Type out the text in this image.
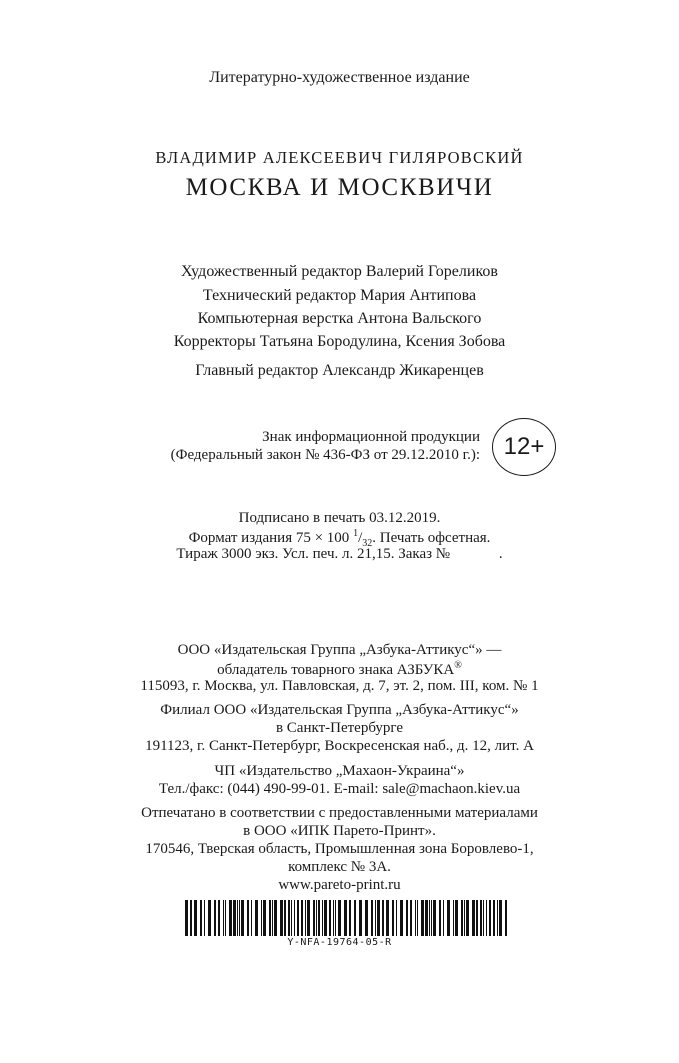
Литературно-художественное издание
ВЛАДИМИР АЛЕКСЕЕВИЧ ГИЛЯРОВСКИЙ
МОСКВА И МОСКВИЧИ
Художественный редактор Валерий Гореликов
Технический редактор Мария Антипова
Компьютерная верстка Антона Вальского
Корректоры Татьяна Бородулина, Ксения Зобова
Главный редактор Александр Жикаренцев
Знак информационной продукции
(Федеральный закон № 436-ФЗ от 29.12.2010 г.): 12+
Подписано в печать 03.12.2019.
Формат издания 75 × 100 $^1/_{32}$. Печать офсетная.
Тираж 3000 экз. Усл. печ. л. 21,15. Заказ №             .
ООО «Издательская Группа „Азбука-Аттикус“» —
обладатель товарного знака АЗБУКА®
115093, г. Москва, ул. Павловская, д. 7, эт. 2, пом. III, ком. № 1
Филиал ООО «Издательская Группа „Азбука-Аттикус“»
в Санкт-Петербурге
191123, г. Санкт-Петербург, Воскресенская наб., д. 12, лит. А
ЧП «Издательство „Махаон-Украина“»
Тел./факс: (044) 490-99-01. E-mail: sale@machaon.kiev.ua
Отпечатано в соответствии с предоставленными материалами
в ООО «ИПК Парето-Принт».
170546, Тверская область, Промышленная зона Боровлево-1,
комплекс № 3А.
www.pareto-print.ru
Y-NFA-19764-05-R
